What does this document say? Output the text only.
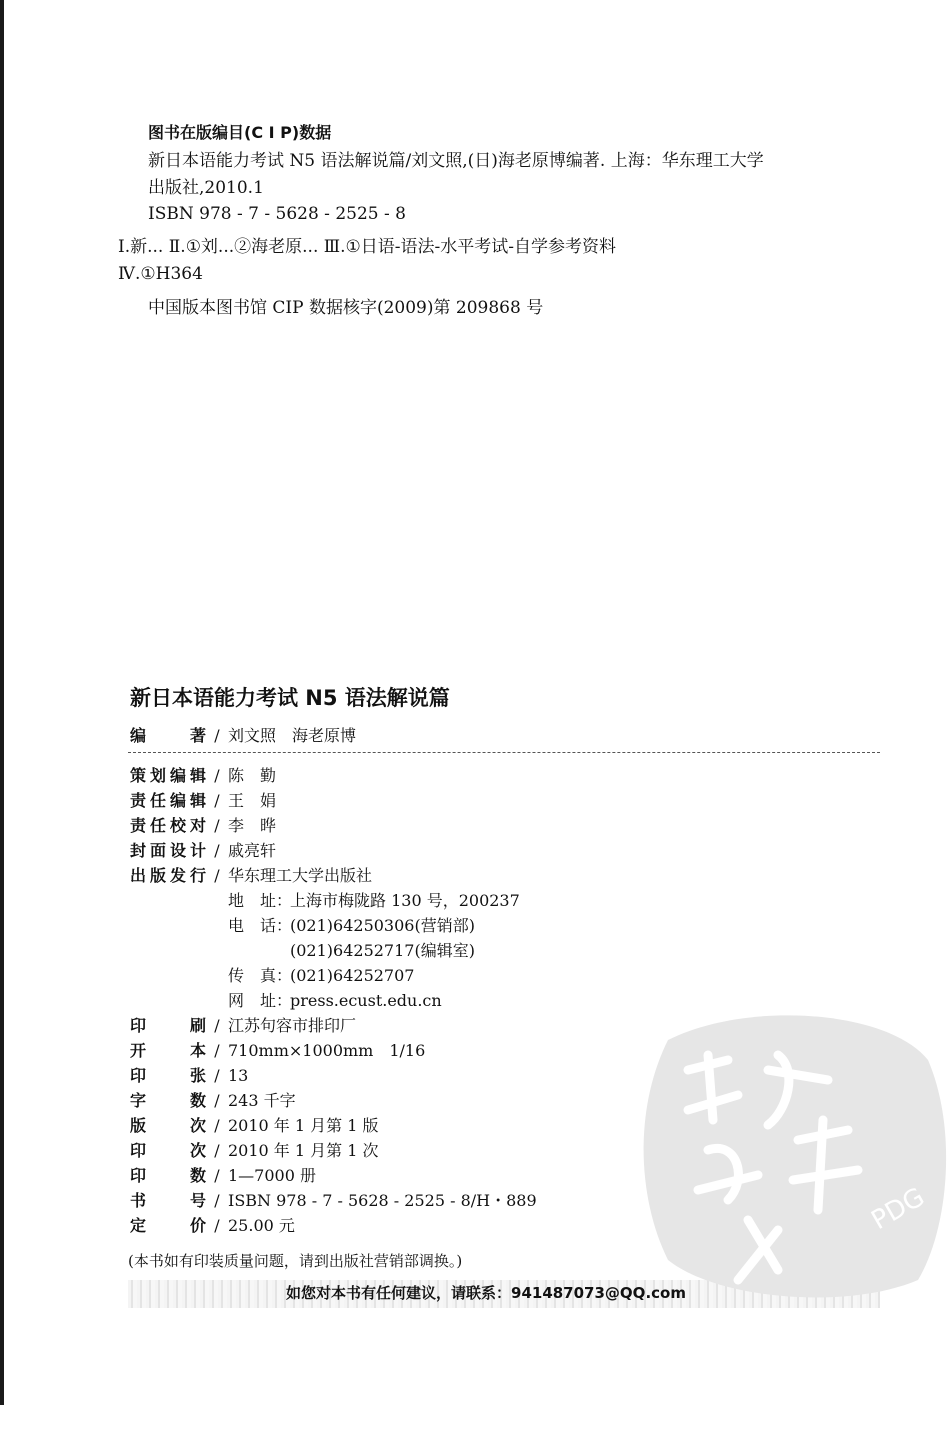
图书在版编目(C I P)数据
新日本语能力考试 N5 语法解说篇/刘文照,(日)海老原博编著. 上海：华东理工大学
出版社,2010.1
ISBN 978 - 7 - 5628 - 2525 - 8
Ⅰ.新... Ⅱ.①刘...②海老原... Ⅲ.①日语-语法-水平考试-自学参考资料
Ⅳ.①H364
中国版本图书馆 CIP 数据核字(2009)第 209868 号
新日本语能力考试 N5 语法解说篇
编著 / 刘文照　海老原博
策划编辑 / 陈　勤
责任编辑 / 王　娟
责任校对 / 李　晔
封面设计 / 戚亮轩
出版发行 / 华东理工大学出版社
地　址：上海市梅陇路 130 号，200237
电　话：(021)64250306(营销部)
(021)64252717(编辑室)
传　真：(021)64252707
网　址：press.ecust.edu.cn
印刷 / 江苏句容市排印厂
开本 / 710mm×1000mm　1/16
印张 / 13
字数 / 243 千字
版次 / 2010 年 1 月第 1 版
印次 / 2010 年 1 月第 1 次
印数 / 1—7000 册
书号 / ISBN 978 - 7 - 5628 - 2525 - 8/H・889
定价 / 25.00 元
(本书如有印装质量问题，请到出版社营销部调换。)
如您对本书有任何建议，请联系：941487073@QQ.com
PDG
